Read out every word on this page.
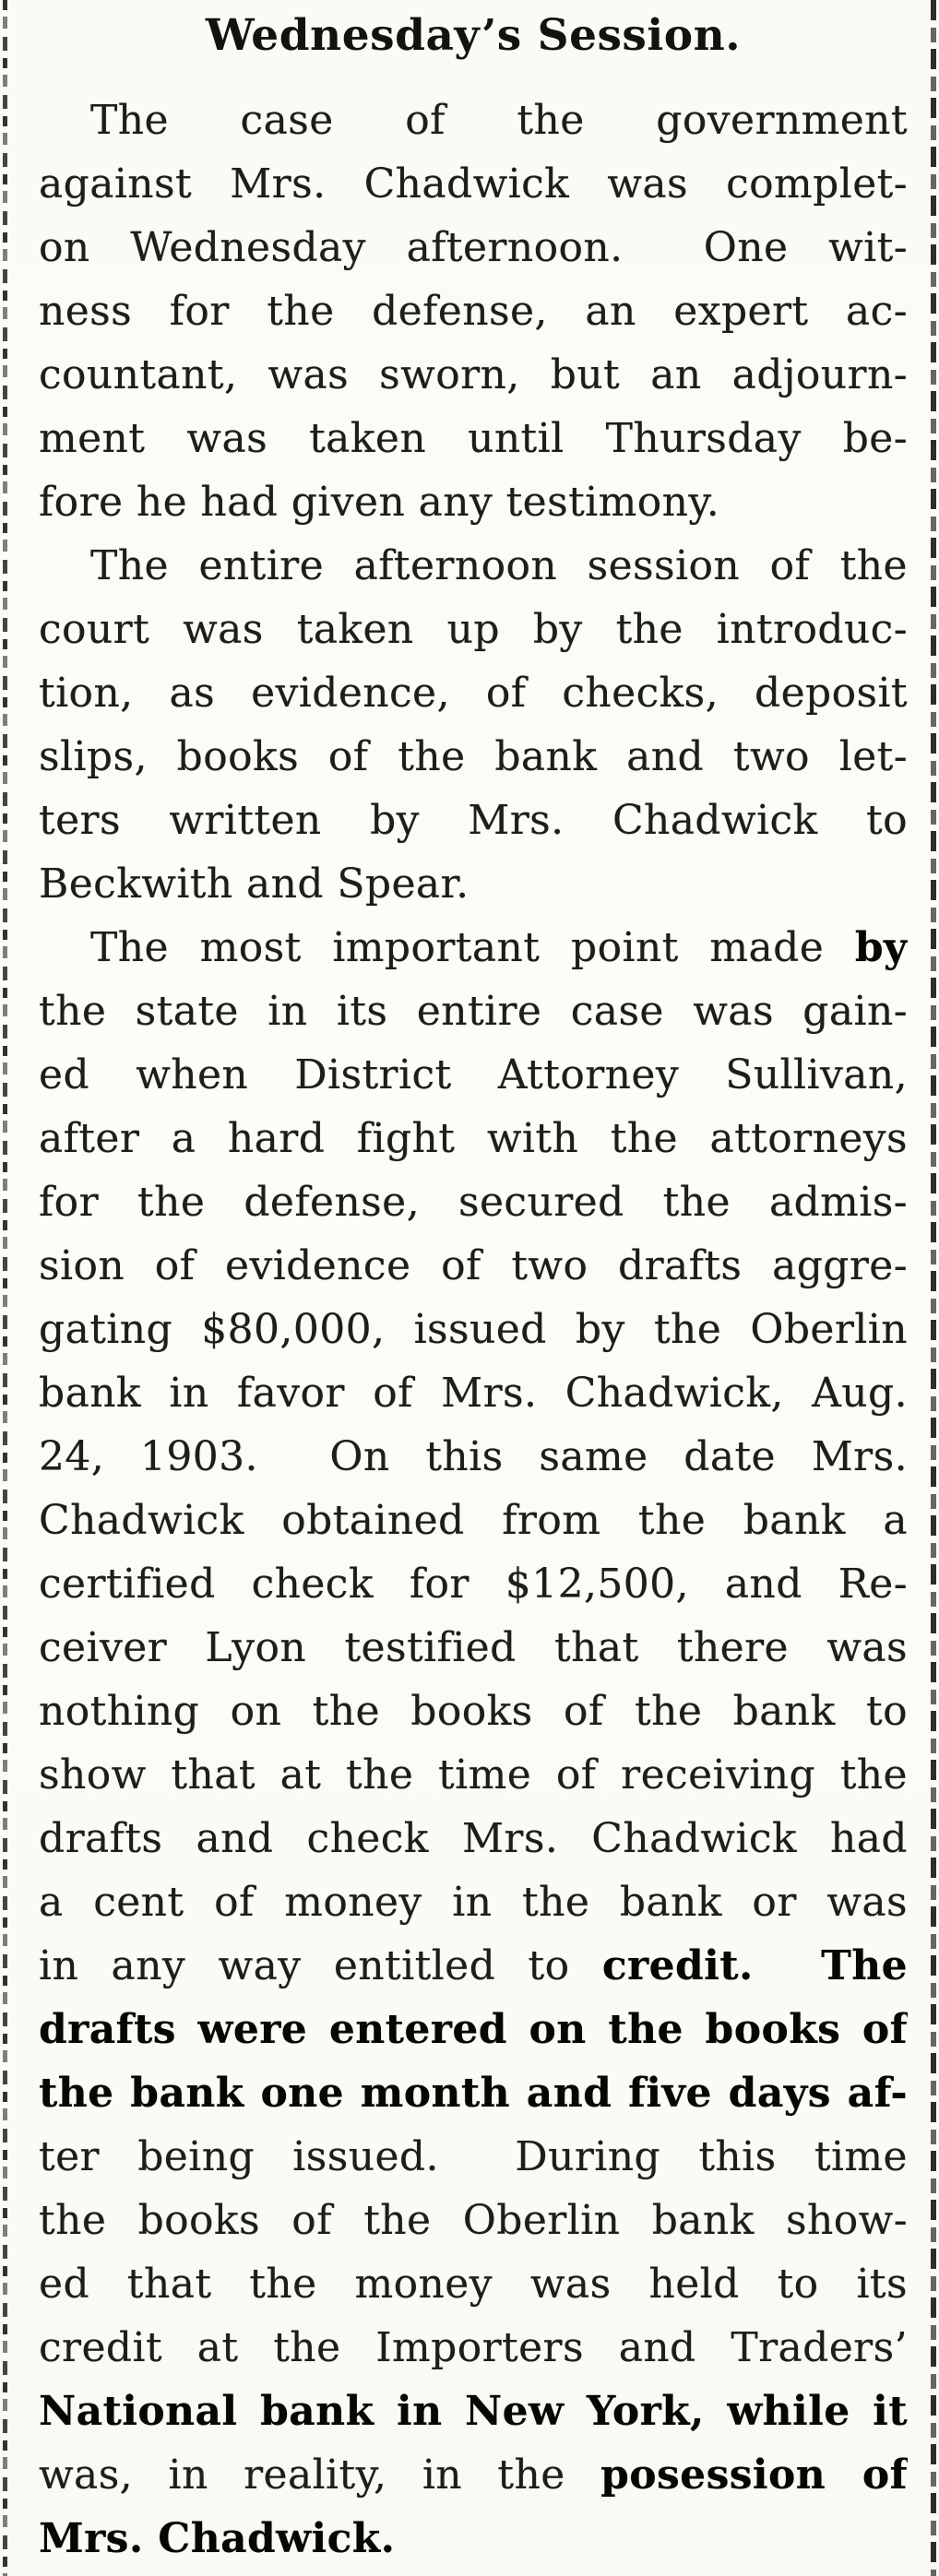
Wednesday’s Session.
The case of the government
against Mrs. Chadwick was complet-
on Wednesday afternoon.  One wit-
ness for the defense, an expert ac-
countant, was sworn, but an adjourn-
ment was taken until Thursday be-
fore he had given any testimony.
The entire afternoon session of the
court was taken up by the introduc-
tion, as evidence, of checks, deposit
slips, books of the bank and two let-
ters written by Mrs. Chadwick to
Beckwith and Spear.
The most important point made by
the state in its entire case was gain-
ed when District Attorney Sullivan,
after a hard fight with the attorneys
for the defense, secured the admis-
sion of evidence of two drafts aggre-
gating $80,000, issued by the Oberlin
bank in favor of Mrs. Chadwick, Aug.
24, 1903.  On this same date Mrs.
Chadwick obtained from the bank a
certified check for $12,500, and Re-
ceiver Lyon testified that there was
nothing on the books of the bank to
show that at the time of receiving the
drafts and check Mrs. Chadwick had
a cent of money in the bank or was
in any way entitled to credit.  The
drafts were entered on the books of
the bank one month and five days af-
ter being issued.  During this time
the books of the Oberlin bank show-
ed that the money was held to its
credit at the Importers and Traders’
National bank in New York, while it
was, in reality, in the posession of
Mrs. Chadwick.
